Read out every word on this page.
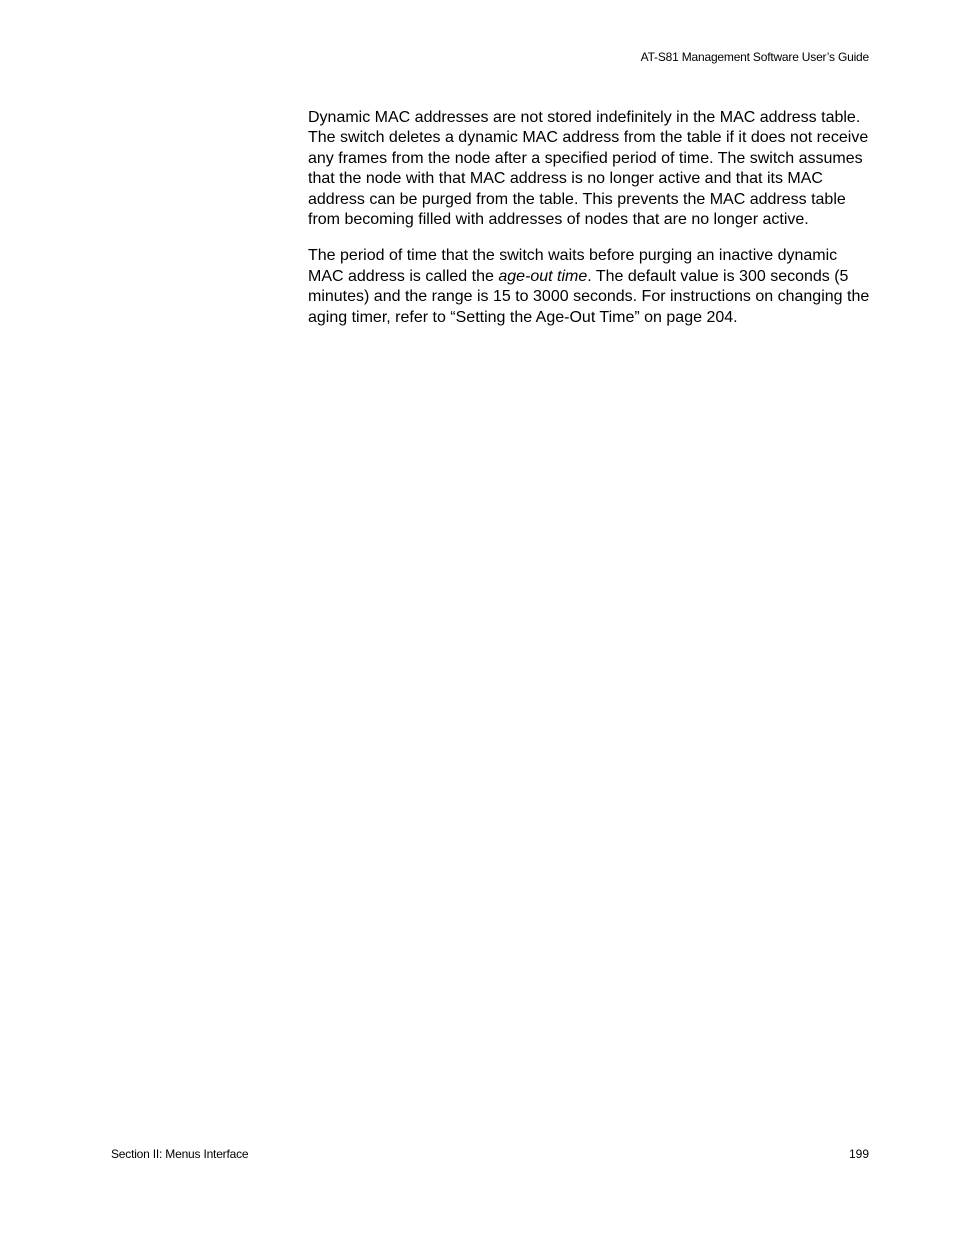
AT-S81 Management Software User’s Guide

Dynamic MAC addresses are not stored indefinitely in the MAC address table. The switch deletes a dynamic MAC address from the table if it does not receive any frames from the node after a specified period of time. The switch assumes that the node with that MAC address is no longer active and that its MAC address can be purged from the table. This prevents the MAC address table from becoming filled with addresses of nodes that are no longer active.

The period of time that the switch waits before purging an inactive dynamic MAC address is called the age-out time. The default value is 300 seconds (5 minutes) and the range is 15 to 3000 seconds. For instructions on changing the aging timer, refer to “Setting the Age-Out Time” on page 204.

Section II: Menus Interface	199
